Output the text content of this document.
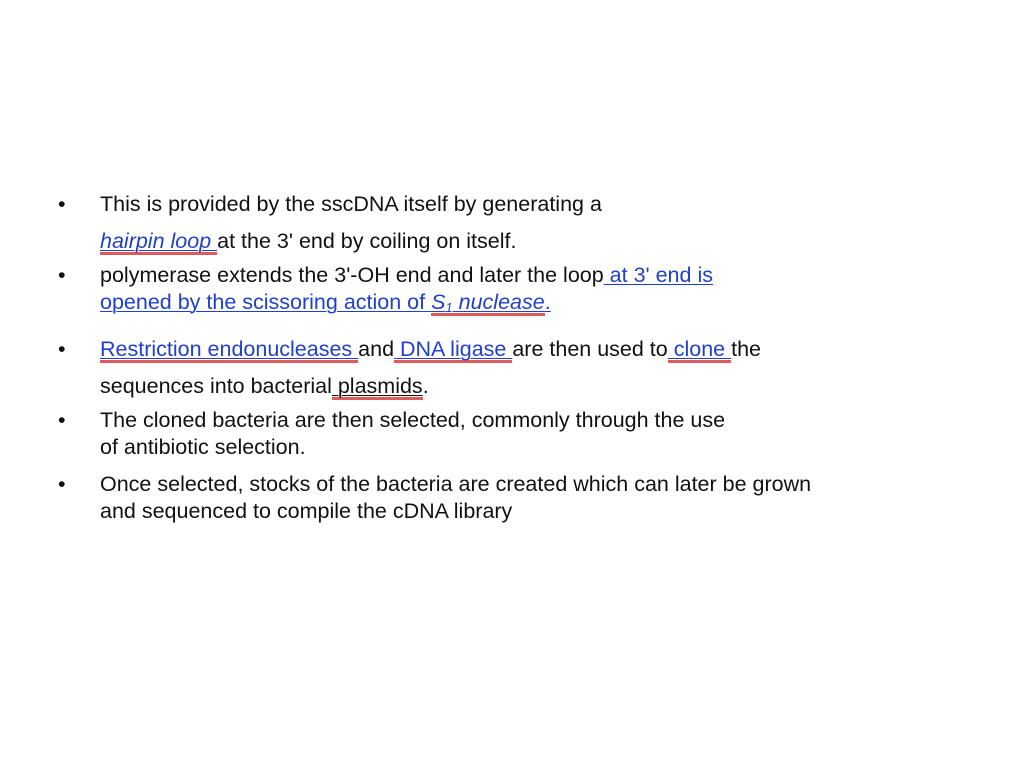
• This is provided by the sscDNA itself by generating a
hairpin loop at the 3' end by coiling on itself.
• polymerase extends the 3'-OH end and later the loop at 3' end is
opened by the scissoring action of $S_1$ nuclease.
• Restriction endonucleases and DNA ligase are then used to clone the
sequences into bacterial plasmids.
• The cloned bacteria are then selected, commonly through the use
of antibiotic selection.
• Once selected, stocks of the bacteria are created which can later be grown
and sequenced to compile the cDNA library
